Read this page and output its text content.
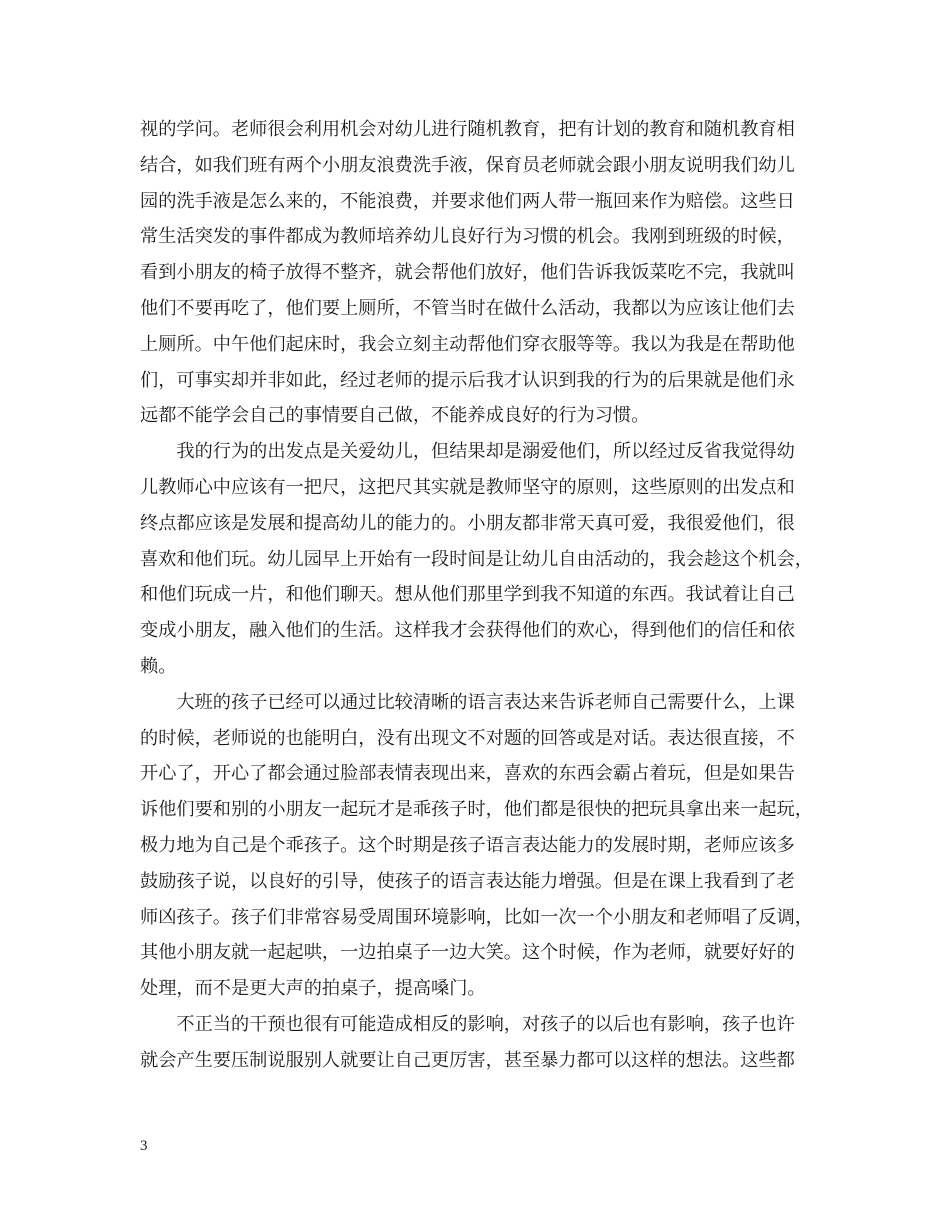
视的学问。老师很会利用机会对幼儿进行随机教育，把有计划的教育和随机教育相
结合，如我们班有两个小朋友浪费洗手液，保育员老师就会跟小朋友说明我们幼儿
园的洗手液是怎么来的，不能浪费，并要求他们两人带一瓶回来作为赔偿。这些日
常生活突发的事件都成为教师培养幼儿良好行为习惯的机会。我刚到班级的时候，
看到小朋友的椅子放得不整齐，就会帮他们放好，他们告诉我饭菜吃不完，我就叫
他们不要再吃了，他们要上厕所，不管当时在做什么活动，我都以为应该让他们去
上厕所。中午他们起床时，我会立刻主动帮他们穿衣服等等。我以为我是在帮助他
们，可事实却并非如此，经过老师的提示后我才认识到我的行为的后果就是他们永
远都不能学会自己的事情要自己做，不能养成良好的行为习惯。
　　我的行为的出发点是关爱幼儿，但结果却是溺爱他们，所以经过反省我觉得幼
儿教师心中应该有一把尺，这把尺其实就是教师坚守的原则，这些原则的出发点和
终点都应该是发展和提高幼儿的能力的。小朋友都非常天真可爱，我很爱他们，很
喜欢和他们玩。幼儿园早上开始有一段时间是让幼儿自由活动的，我会趁这个机会，
和他们玩成一片，和他们聊天。想从他们那里学到我不知道的东西。我试着让自己
变成小朋友，融入他们的生活。这样我才会获得他们的欢心，得到他们的信任和依
赖。
　　大班的孩子已经可以通过比较清晰的语言表达来告诉老师自己需要什么，上课
的时候，老师说的也能明白，没有出现文不对题的回答或是对话。表达很直接，不
开心了，开心了都会通过脸部表情表现出来，喜欢的东西会霸占着玩，但是如果告
诉他们要和别的小朋友一起玩才是乖孩子时，他们都是很快的把玩具拿出来一起玩，
极力地为自己是个乖孩子。这个时期是孩子语言表达能力的发展时期，老师应该多
鼓励孩子说，以良好的引导，使孩子的语言表达能力增强。但是在课上我看到了老
师凶孩子。孩子们非常容易受周围环境影响，比如一次一个小朋友和老师唱了反调，
其他小朋友就一起起哄，一边拍桌子一边大笑。这个时候，作为老师，就要好好的
处理，而不是更大声的拍桌子，提高嗓门。
　　不正当的干预也很有可能造成相反的影响，对孩子的以后也有影响，孩子也许
就会产生要压制说服别人就要让自己更厉害，甚至暴力都可以这样的想法。这些都
3
